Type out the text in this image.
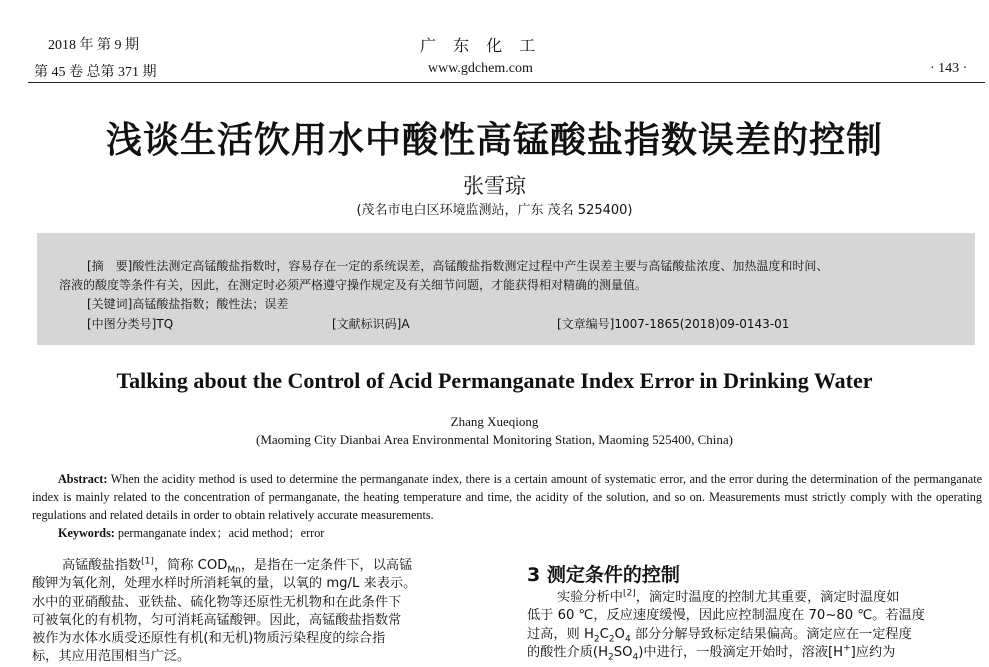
2018 年 第 9 期
第 45 卷 总第 371 期
广 东 化 工
www.gdchem.com	· 143 ·
浅谈生活饮用水中酸性高锰酸盐指数误差的控制
张雪琼
(茂名市电白区环境监测站，广东 茂名 525400)
[摘　要]酸性法测定高锰酸盐指数时，容易存在一定的系统误差，高锰酸盐指数测定过程中产生误差主要与高锰酸盐浓度、加热温度和时间、
溶液的酸度等条件有关，因此，在测定时必须严格遵守操作规定及有关细节问题，才能获得相对精确的测量值。
[关键词]高锰酸盐指数；酸性法；误差
[中图分类号]TQ	[文献标识码]A	[文章编号]1007-1865(2018)09-0143-01
Talking about the Control of Acid Permanganate Index Error in Drinking Water
Zhang Xueqiong
(Maoming City Dianbai Area Environmental Monitoring Station, Maoming 525400, China)
Abstract: When the acidity method is used to determine the permanganate index, there is a certain amount of systematic error, and the error during the determination of the permanganate index is mainly related to the concentration of permanganate, the heating temperature and time, the acidity of the solution, and so on. Measurements must strictly comply with the operating regulations and related details in order to obtain relatively accurate measurements.
Keywords: permanganate index；acid method；error
高锰酸盐指数[1]，简称 $COD_{Mn}$，是指在一定条件下，以高锰
酸钾为氧化剂，处理水样时所消耗氧的量，以氧的 mg/L 来表示。
水中的亚硝酸盐、亚铁盐、硫化物等还原性无机物和在此条件下
可被氧化的有机物，匀可消耗高锰酸钾。因此，高锰酸盐指数常
被作为水体水质受还原性有机(和无机)物质污染程度的综合指
标，其应用范围相当广泛。
3 测定条件的控制
实验分析中[2]，滴定时温度的控制尤其重要，滴定时温度如
低于 60 ℃，反应速度缓慢，因此应控制温度在 70~80 ℃。若温度
过高，则 $H_2C_2O_4$ 部分分解导致标定结果偏高。滴定应在一定程度
的酸性介质$(H_2SO_4)$中进行，一般滴定开始时，溶液[H+]应约为
